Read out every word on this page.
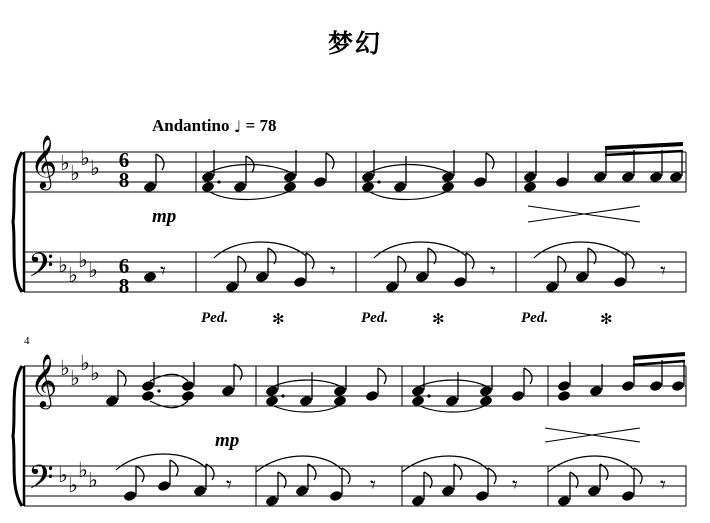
梦幻
Andantino ♩ = 78
𝄞
𝄢
6
8
6
8
mp
Ped.	✻	Ped.	✻	Ped.	✻
4
𝄞
𝄢
mp
♭ ♭
♭ ♭
♭ ♭
♭ ♭
♭ ♭
♭ ♭
♭ ♭
♭ ♭
𝄾	𝄾	𝄾	𝄾
𝄾	𝄾	𝄾	𝄾
